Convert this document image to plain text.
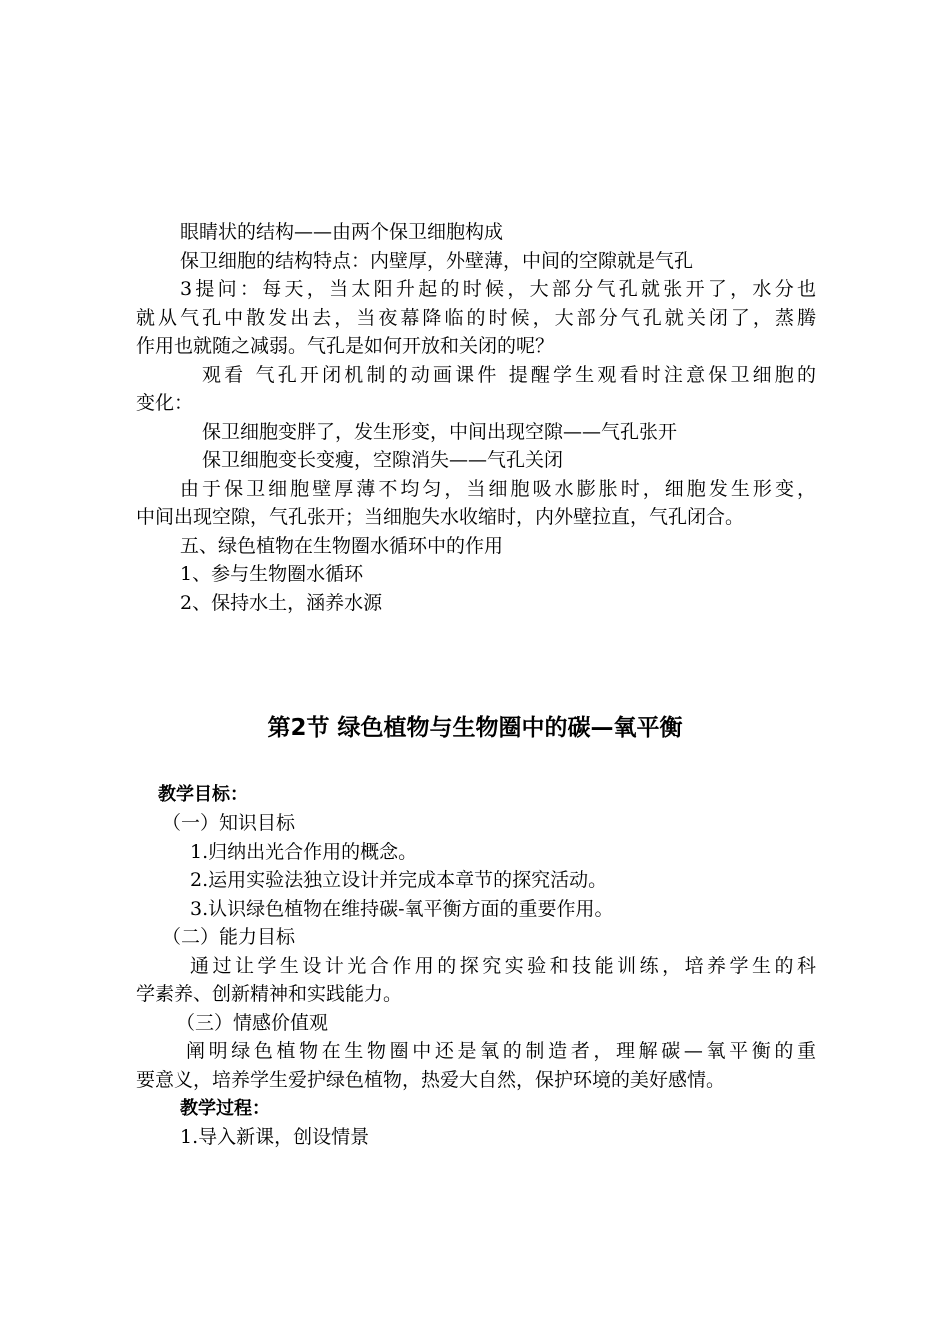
眼睛状的结构——由两个保卫细胞构成
保卫细胞的结构特点：内壁厚，外壁薄，中间的空隙就是气孔
3提问：每天，当太阳升起的时候，大部分气孔就张开了，水分也
就从气孔中散发出去，当夜幕降临的时候，大部分气孔就关闭了，蒸腾
作用也就随之减弱。气孔是如何开放和关闭的呢？
观看 气孔开闭机制的动画课件 提醒学生观看时注意保卫细胞的
变化：
保卫细胞变胖了，发生形变，中间出现空隙——气孔张开
保卫细胞变长变瘦，空隙消失——气孔关闭
由于保卫细胞壁厚薄不均匀，当细胞吸水膨胀时，细胞发生形变，
中间出现空隙，气孔张开；当细胞失水收缩时，内外壁拉直，气孔闭合。
五、绿色植物在生物圈水循环中的作用
1、参与生物圈水循环
2、保持水土，涵养水源
第2节 绿色植物与生物圈中的碳—氧平衡
教学目标：
（一）知识目标
1.归纳出光合作用的概念。
2.运用实验法独立设计并完成本章节的探究活动。
3.认识绿色植物在维持碳-氧平衡方面的重要作用。
（二）能力目标
通过让学生设计光合作用的探究实验和技能训练，培养学生的科
学素养、创新精神和实践能力。
（三）情感价值观
阐明绿色植物在生物圈中还是氧的制造者，理解碳—氧平衡的重
要意义，培养学生爱护绿色植物，热爱大自然，保护环境的美好感情。
教学过程：
1.导入新课，创设情景
